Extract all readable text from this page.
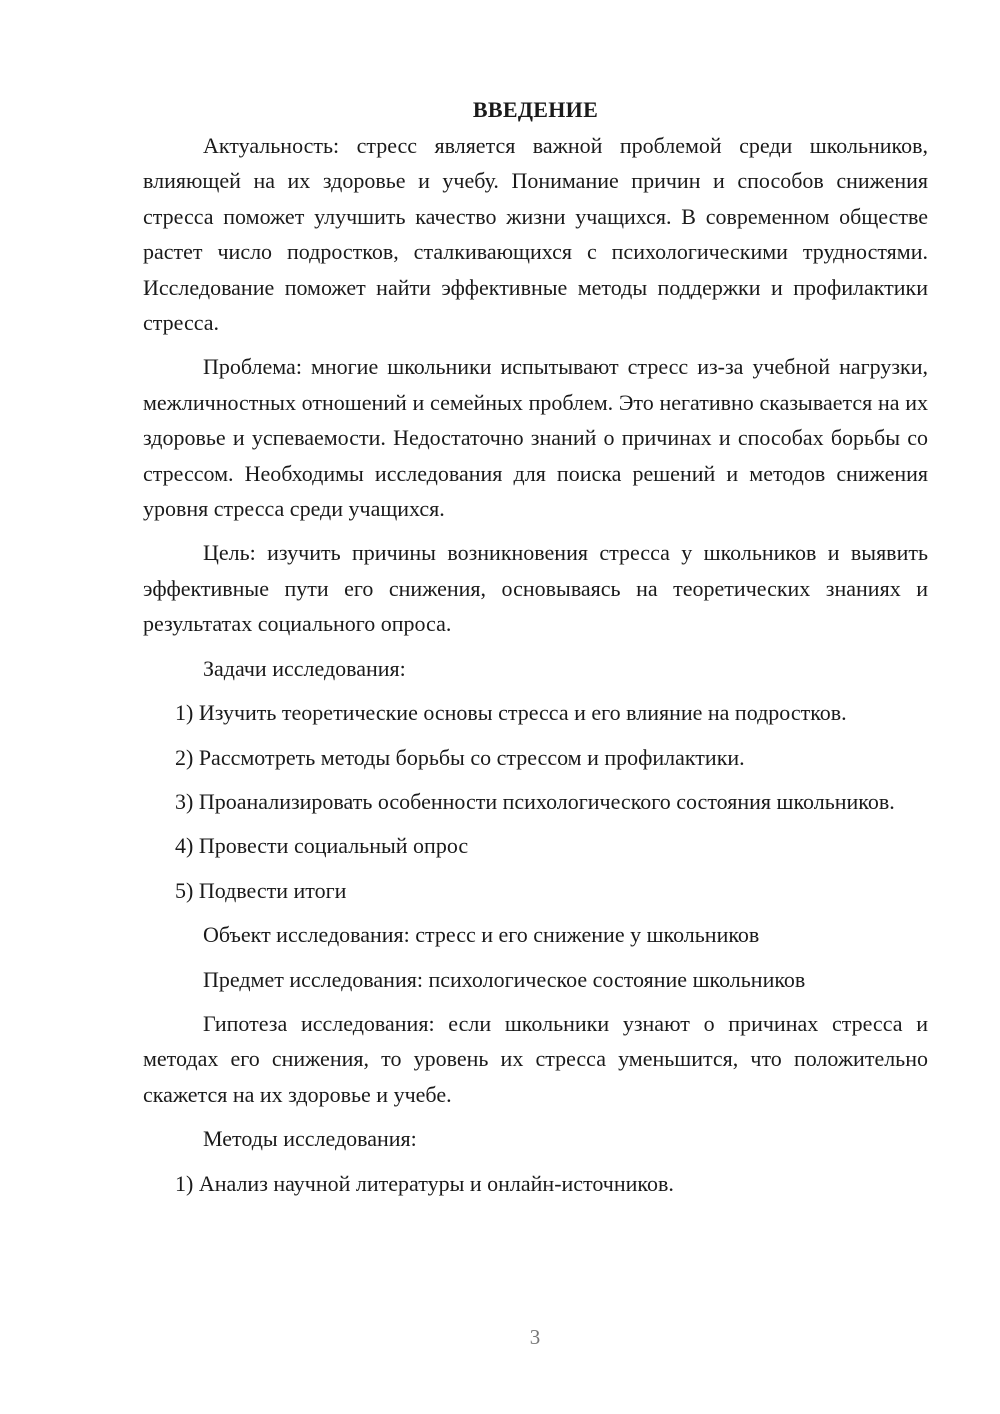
ВВЕДЕНИЕ

Актуальность: стресс является важной проблемой среди школьников, влияющей на их здоровье и учебу. Понимание причин и способов снижения стресса поможет улучшить качество жизни учащихся. В современном обществе растет число подростков, сталкивающихся с психологическими трудностями. Исследование поможет найти эффективные методы поддержки и профилактики стресса.

Проблема: многие школьники испытывают стресс из-за учебной нагрузки, межличностных отношений и семейных проблем. Это негативно сказывается на их здоровье и успеваемости. Недостаточно знаний о причинах и способах борьбы со стрессом. Необходимы исследования для поиска решений и методов снижения уровня стресса среди учащихся.

Цель: изучить причины возникновения стресса у школьников и выявить эффективные пути его снижения, основываясь на теоретических знаниях и результатах социального опроса.

Задачи исследования:

1) Изучить теоретические основы стресса и его влияние на подростков.

2) Рассмотреть методы борьбы со стрессом и профилактики.

3) Проанализировать особенности психологического состояния школьников.

4) Провести социальный опрос

5) Подвести итоги

Объект исследования: стресс и его снижение у школьников

Предмет исследования: психологическое состояние школьников

Гипотеза исследования: если школьники узнают о причинах стресса и методах его снижения, то уровень их стресса уменьшится, что положительно скажется на их здоровье и учебе.

Методы исследования:

1) Анализ научной литературы и онлайн-источников.

3
